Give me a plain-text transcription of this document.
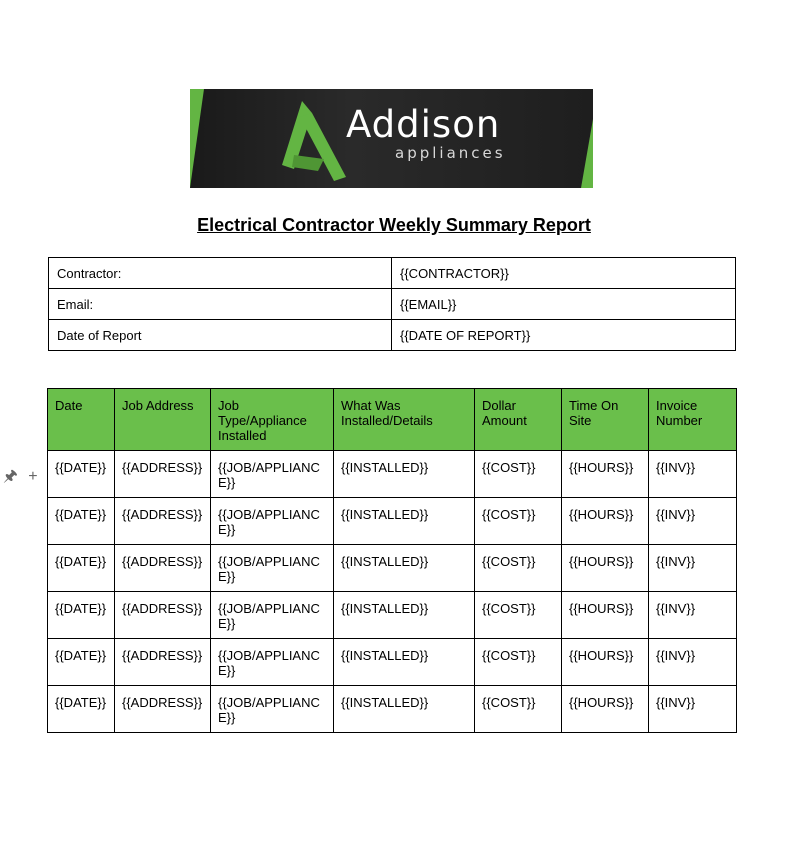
🖈 +
Addison
appliances
Electrical Contractor Weekly Summary Report
Contractor:	{{CONTRACTOR}}
Email:	{{EMAIL}}
Date of Report	{{DATE OF REPORT}}
Date	Job Address	Job Type/Appliance Installed	What Was Installed/Details	Dollar Amount	Time On Site	Invoice Number
{{DATE}}	{{ADDRESS}}	{{JOB/APPLIANCE}}	{{INSTALLED}}	{{COST}}	{{HOURS}}	{{INV}}
{{DATE}}	{{ADDRESS}}	{{JOB/APPLIANCE}}	{{INSTALLED}}	{{COST}}	{{HOURS}}	{{INV}}
{{DATE}}	{{ADDRESS}}	{{JOB/APPLIANCE}}	{{INSTALLED}}	{{COST}}	{{HOURS}}	{{INV}}
{{DATE}}	{{ADDRESS}}	{{JOB/APPLIANCE}}	{{INSTALLED}}	{{COST}}	{{HOURS}}	{{INV}}
{{DATE}}	{{ADDRESS}}	{{JOB/APPLIANCE}}	{{INSTALLED}}	{{COST}}	{{HOURS}}	{{INV}}
{{DATE}}	{{ADDRESS}}	{{JOB/APPLIANCE}}	{{INSTALLED}}	{{COST}}	{{HOURS}}	{{INV}}
